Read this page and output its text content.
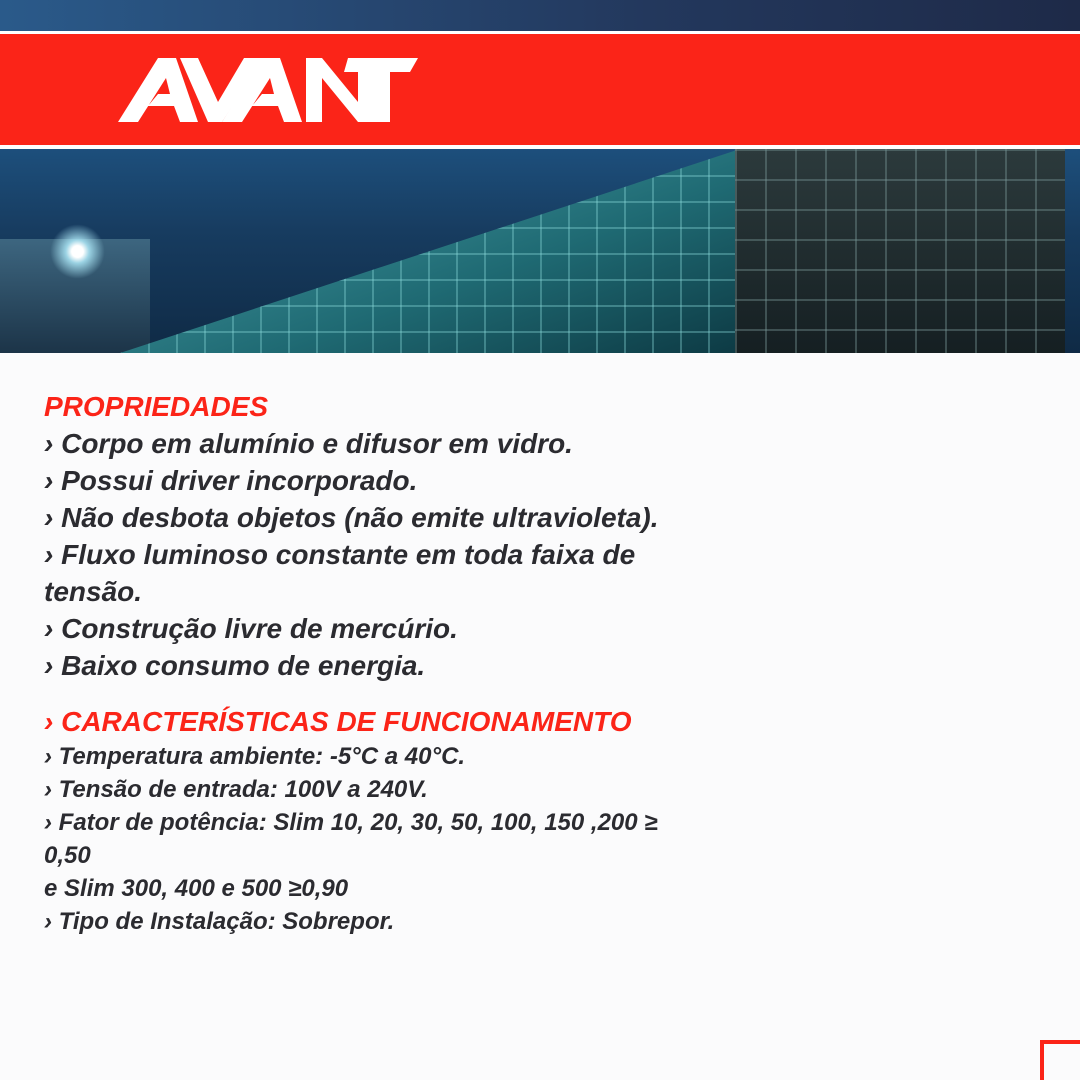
PROPRIEDADES
› Corpo em alumínio e difusor em vidro.
› Possui driver incorporado.
› Não desbota objetos (não emite ultravioleta).
› Fluxo luminoso constante em toda faixa de
tensão.
› Construção livre de mercúrio.
› Baixo consumo de energia.
› CARACTERÍSTICAS DE FUNCIONAMENTO
› Temperatura ambiente: -5°C a 40°C.
› Tensão de entrada: 100V a 240V.
› Fator de potência: Slim 10, 20, 30, 50, 100, 150 ,200 ≥
0,50
e Slim 300, 400 e 500 ≥0,90
› Tipo de Instalação: Sobrepor.
